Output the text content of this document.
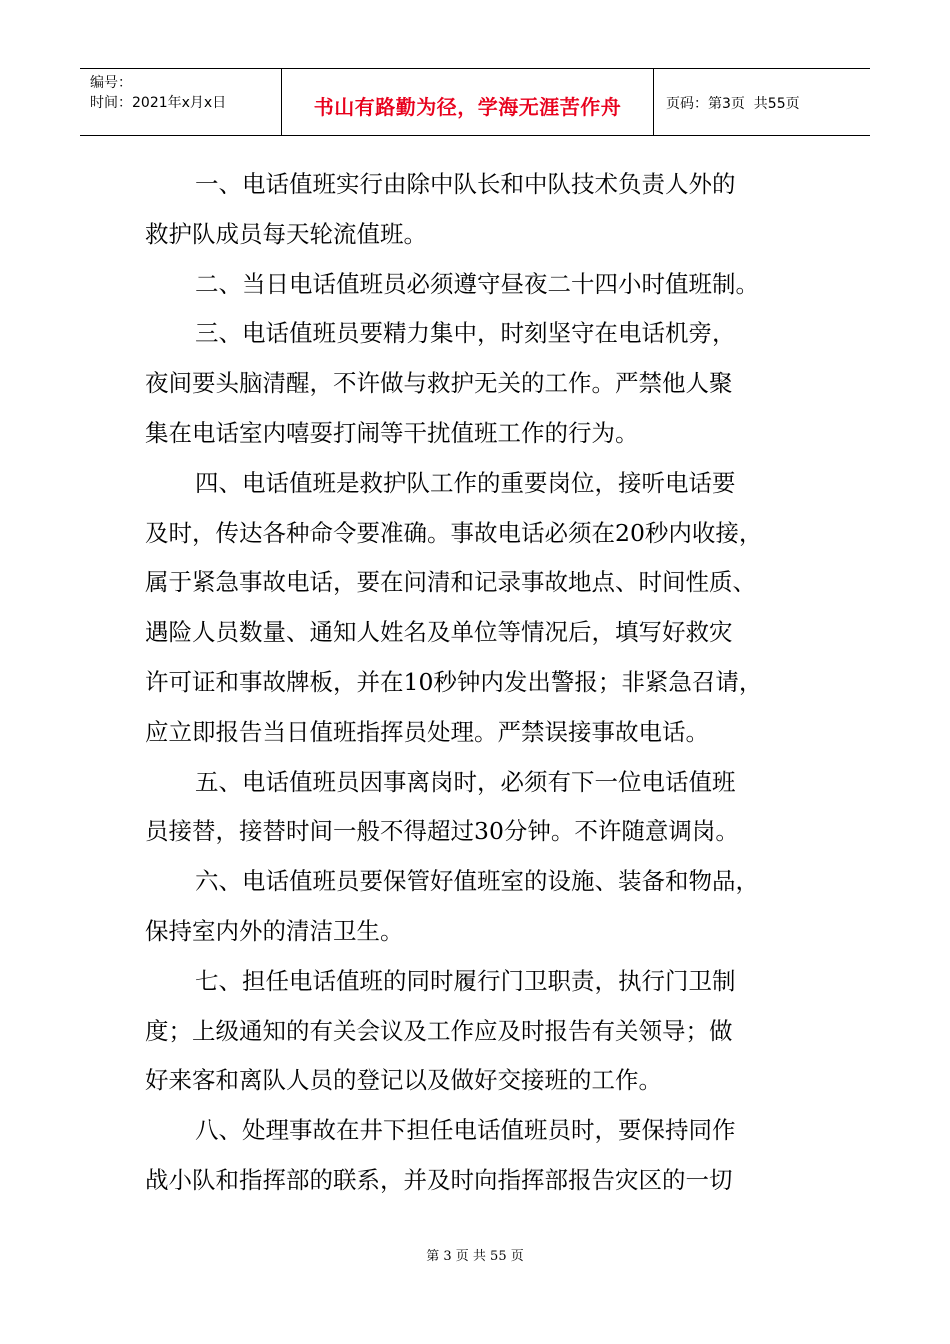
编号：
时间：2021年x月x日	书山有路勤为径，学海无涯苦作舟	页码：第3页  共55页
一、电话值班实行由除中队长和中队技术负责人外的
救护队成员每天轮流值班。
二、当日电话值班员必须遵守昼夜二十四小时值班制。
三、电话值班员要精力集中，时刻坚守在电话机旁，
夜间要头脑清醒，不许做与救护无关的工作。严禁他人聚
集在电话室内嘻耍打闹等干扰值班工作的行为。
四、电话值班是救护队工作的重要岗位，接听电话要
及时，传达各种命令要准确。事故电话必须在20秒内收接，
属于紧急事故电话，要在问清和记录事故地点、时间性质、
遇险人员数量、通知人姓名及单位等情况后，填写好救灾
许可证和事故牌板，并在10秒钟内发出警报；非紧急召请，
应立即报告当日值班指挥员处理。严禁误接事故电话。
五、电话值班员因事离岗时，必须有下一位电话值班
员接替，接替时间一般不得超过30分钟。不许随意调岗。
六、电话值班员要保管好值班室的设施、装备和物品，
保持室内外的清洁卫生。
七、担任电话值班的同时履行门卫职责，执行门卫制
度；上级通知的有关会议及工作应及时报告有关领导；做
好来客和离队人员的登记以及做好交接班的工作。
八、处理事故在井下担任电话值班员时，要保持同作
战小队和指挥部的联系，并及时向指挥部报告灾区的一切
第 3 页 共 55 页
